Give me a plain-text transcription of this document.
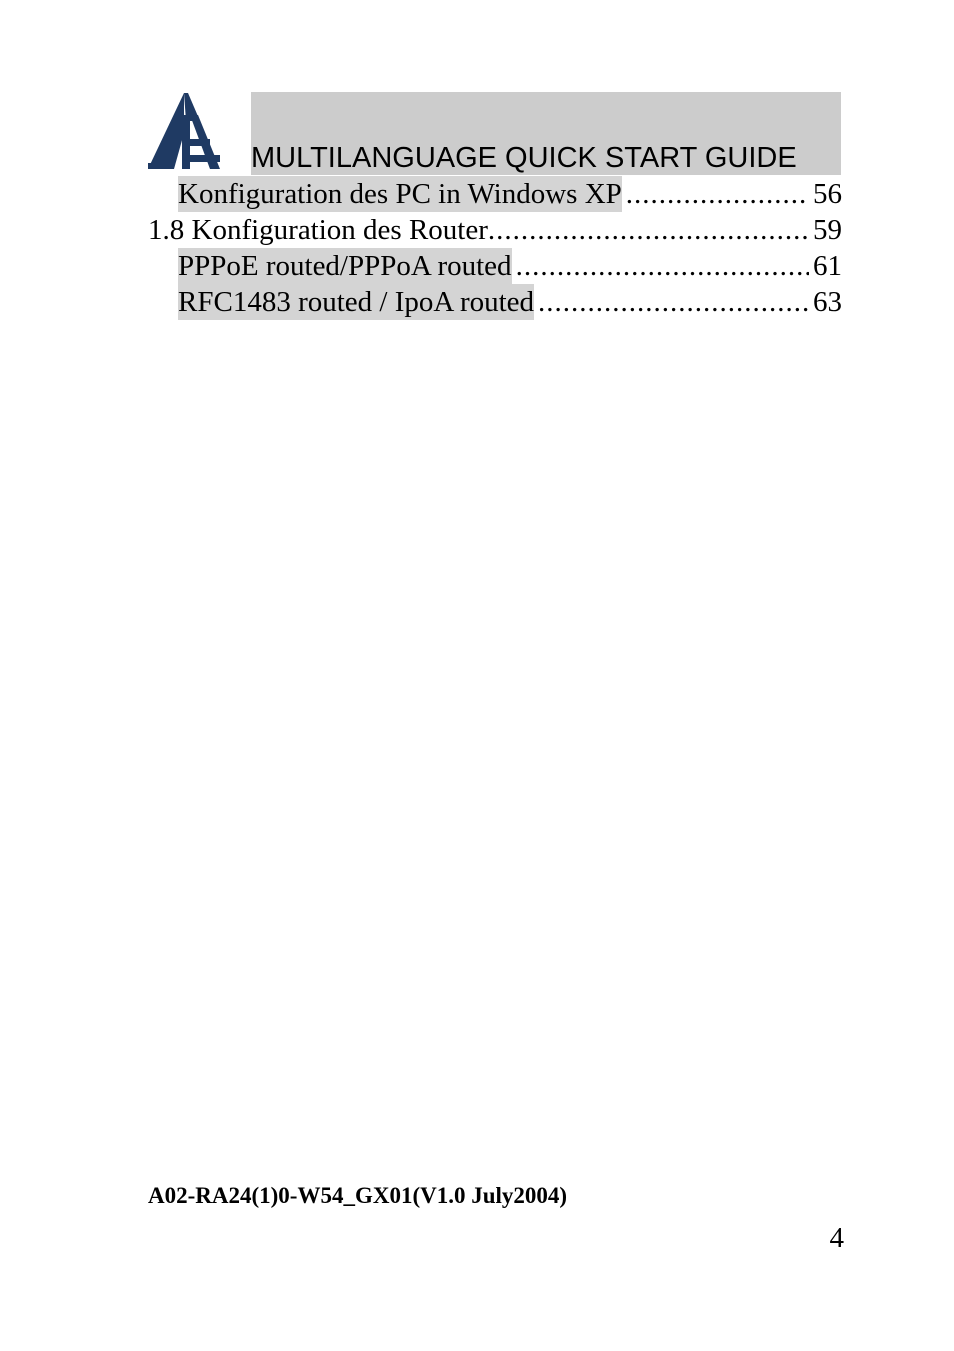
MULTILANGUAGE QUICK START GUIDE
Konfiguration des PC in Windows XP .....	56
1.8 Konfiguration des Router .....	59
PPPoE routed/PPPoA routed .....	61
RFC1483 routed / IpoA routed .....	63
A02-RA24(1)0-W54_GX01(V1.0 July2004)
4
